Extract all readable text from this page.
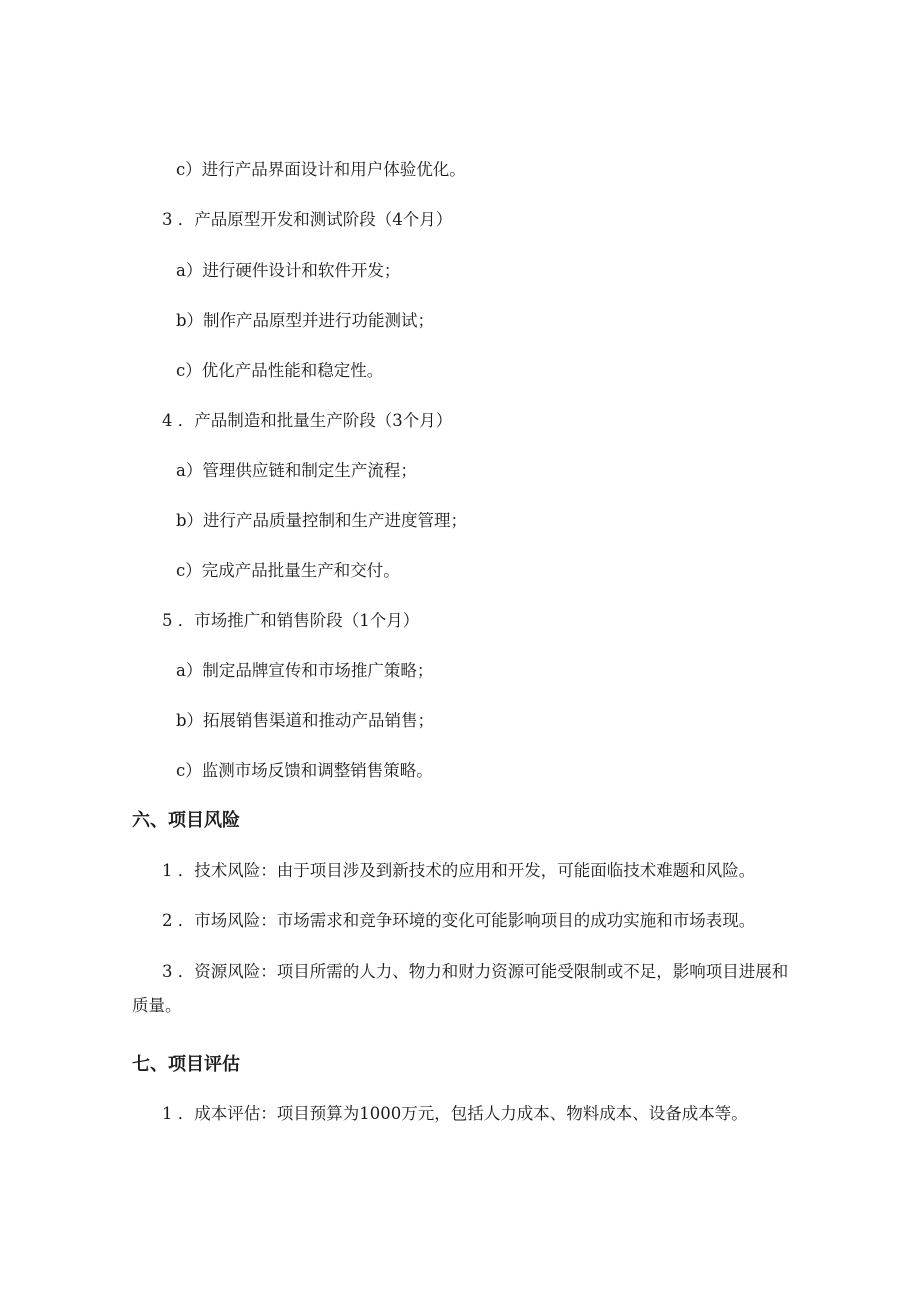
c）进行产品界面设计和用户体验优化。
3 ．产品原型开发和测试阶段（4个月）
a）进行硬件设计和软件开发；
b）制作产品原型并进行功能测试；
c）优化产品性能和稳定性。
4 ．产品制造和批量生产阶段（3个月）
a）管理供应链和制定生产流程；
b）进行产品质量控制和生产进度管理；
c）完成产品批量生产和交付。
5 ．市场推广和销售阶段（1个月）
a）制定品牌宣传和市场推广策略；
b）拓展销售渠道和推动产品销售；
c）监测市场反馈和调整销售策略。
六、项目风险
1 ．技术风险：由于项目涉及到新技术的应用和开发，可能面临技术难题和风险。
2 ．市场风险：市场需求和竞争环境的变化可能影响项目的成功实施和市场表现。
3 ．资源风险：项目所需的人力、物力和财力资源可能受限制或不足，影响项目进展和质量。
七、项目评估
1 ．成本评估：项目预算为1000万元，包括人力成本、物料成本、设备成本等。
